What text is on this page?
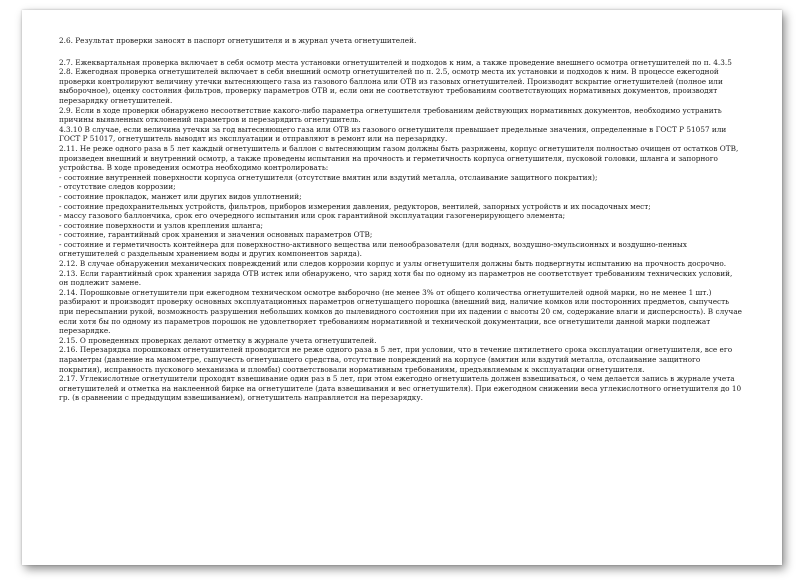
2.6. Результат проверки заносят в паспорт огнетушителя и в журнал учета огнетушителей.

2.7. Ежеквартальная проверка включает в себя осмотр места установки огнетушителей и подходов к ним, а также проведение внешнего осмотра огнетушителей по п. 4.3.5

2.8. Ежегодная проверка огнетушителей включает в себя внешний осмотр огнетушителей по п. 2.5, осмотр места их установки и подходов к ним. В процессе ежегодной проверки контролируют величину утечки вытесняющего газа из газового баллона или ОТВ из газовых огнетушителей. Производят вскрытие огнетушителей (полное или выборочное), оценку состояния фильтров, проверку параметров ОТВ и, если они не соответствуют требованиям соответствующих нормативных документов, производят перезарядку огнетушителей.

2.9. Если в ходе проверки обнаружено несоответствие какого-либо параметра огнетушителя требованиям действующих нормативных документов, необходимо устранить причины выявленных отклонений параметров и перезарядить огнетушитель.

4.3.10 В случае, если величина утечки за год вытесняющего газа или ОТВ из газового огнетушителя превышает предельные значения, определенные в ГОСТ Р 51057 или ГОСТ Р 51017, огнетушитель выводят из эксплуатации и отправляют в ремонт или на перезарядку.

2.11. Не реже одного раза в 5 лет каждый огнетушитель и баллон с вытесняющим газом должны быть разряжены, корпус огнетушителя полностью очищен от остатков ОТВ, произведен внешний и внутренний осмотр, а также проведены испытания на прочность и герметичность корпуса огнетушителя, пусковой головки, шланга и запорного устройства. В ходе проведения осмотра необходимо контролировать:

- состояние внутренней поверхности корпуса огнетушителя (отсутствие вмятин или вздутий металла, отслаивание защитного покрытия);

- отсутствие следов коррозии;

- состояние прокладок, манжет или других видов уплотнений;

- состояние предохранительных устройств, фильтров, приборов измерения давления, редукторов, вентилей, запорных устройств и их посадочных мест;

- массу газового баллончика, срок его очередного испытания или срок гарантийной эксплуатации газогенерирующего элемента;

- состояние поверхности и узлов крепления шланга;

- состояние, гарантийный срок хранения и значения основных параметров ОТВ;

- состояние и герметичность контейнера для поверхностно-активного вещества или пенообразователя (для водных, воздушно-эмульсионных и воздушно-пенных огнетушителей с раздельным хранением воды и других компонентов заряда).

2.12. В случае обнаружения механических повреждений или следов коррозии корпус и узлы огнетушителя должны быть подвергнуты испытанию на прочность досрочно.

2.13. Если гарантийный срок хранения заряда ОТВ истек или обнаружено, что заряд хотя бы по одному из параметров не соответствует требованиям технических условий, он подлежит замене.

2.14. Порошковые огнетушители при ежегодном техническом осмотре выборочно (не менее 3% от общего количества огнетушителей одной марки, но не менее 1 шт.) разбирают и производят проверку основных эксплуатационных параметров огнетушащего порошка (внешний вид, наличие комков или посторонних предметов, сыпучесть при пересыпании рукой, возможность разрушения небольших комков до пылевидного состояния при их падении с высоты 20 см, содержание влаги и дисперсность). В случае если хотя бы по одному из параметров порошок не удовлетворяет требованиям нормативной и технической документации, все огнетушители данной марки подлежат перезарядке.

2.15. О проведенных проверках делают отметку в журнале учета огнетушителей.

2.16. Перезарядка порошковых огнетушителей проводится не реже одного раза в 5 лет, при условии, что в течение пятилетнего срока эксплуатации огнетушителя, все его параметры (давление на манометре, сыпучесть огнетушащего средства, отсутствие повреждений на корпусе (вмятин или вздутий металла, отслаивание защитного покрытия), исправность пускового механизма и пломбы) соответствовали нормативным требованиям, предъявляемым к эксплуатации огнетушителя.

2.17. Углекислотные огнетушители проходят взвешивание один раз в 5 лет, при этом ежегодно огнетушитель должен взвешиваться, о чем делается запись в журнале учета огнетушителей и отметка на наклеенной бирке на огнетушителе (дата взвешивания и вес огнетушителя). При ежегодном снижении веса углекислотного огнетушителя до 10 гр. (в сравнении с предыдущим взвешиванием), огнетушитель направляется на перезарядку.
